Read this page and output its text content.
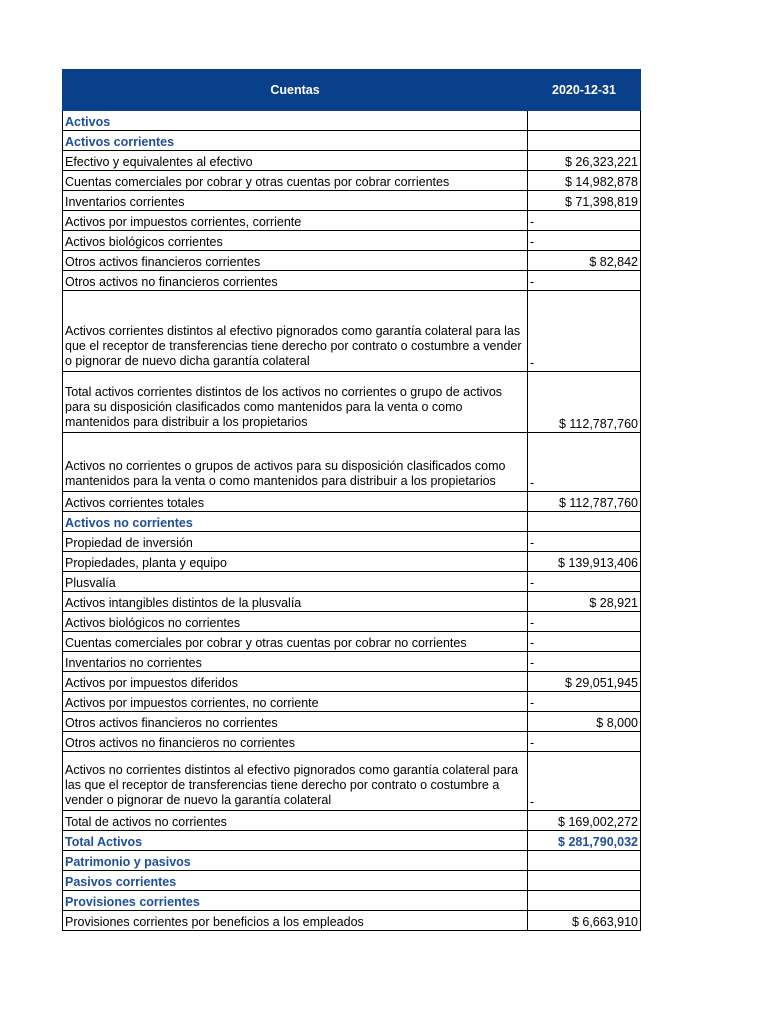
Cuentas	2020-12-31
Activos	
Activos corrientes	
Efectivo y equivalentes al efectivo	$ 26,323,221
Cuentas comerciales por cobrar y otras cuentas por cobrar corrientes	$ 14,982,878
Inventarios corrientes	$ 71,398,819
Activos por impuestos corrientes, corriente	-
Activos biológicos corrientes	-
Otros activos financieros corrientes	$ 82,842
Otros activos no financieros corrientes	-
Activos corrientes distintos al efectivo pignorados como garantía colateral para las que el receptor de transferencias tiene derecho por contrato o costumbre a vender o pignorar de nuevo dicha garantía colateral	-
Total activos corrientes distintos de los activos no corrientes o grupo de activos para su disposición clasificados como mantenidos para la venta o como mantenidos para distribuir a los propietarios	$ 112,787,760
Activos no corrientes o grupos de activos para su disposición clasificados como mantenidos para la venta o como mantenidos para distribuir a los propietarios	-
Activos corrientes totales	$ 112,787,760
Activos no corrientes	
Propiedad de inversión	-
Propiedades, planta y equipo	$ 139,913,406
Plusvalía	-
Activos intangibles distintos de la plusvalía	$ 28,921
Activos biológicos no corrientes	-
Cuentas comerciales por cobrar y otras cuentas por cobrar no corrientes	-
Inventarios no corrientes	-
Activos por impuestos diferidos	$ 29,051,945
Activos por impuestos corrientes, no corriente	-
Otros activos financieros no corrientes	$ 8,000
Otros activos no financieros no corrientes	-
Activos no corrientes distintos al efectivo pignorados como garantía colateral para las que el receptor de transferencias tiene derecho por contrato o costumbre a vender o pignorar de nuevo la garantía colateral	-
Total de activos no corrientes	$ 169,002,272
Total Activos	$ 281,790,032
Patrimonio y pasivos	
Pasivos corrientes	
Provisiones corrientes	
Provisiones corrientes por beneficios a los empleados	$ 6,663,910
